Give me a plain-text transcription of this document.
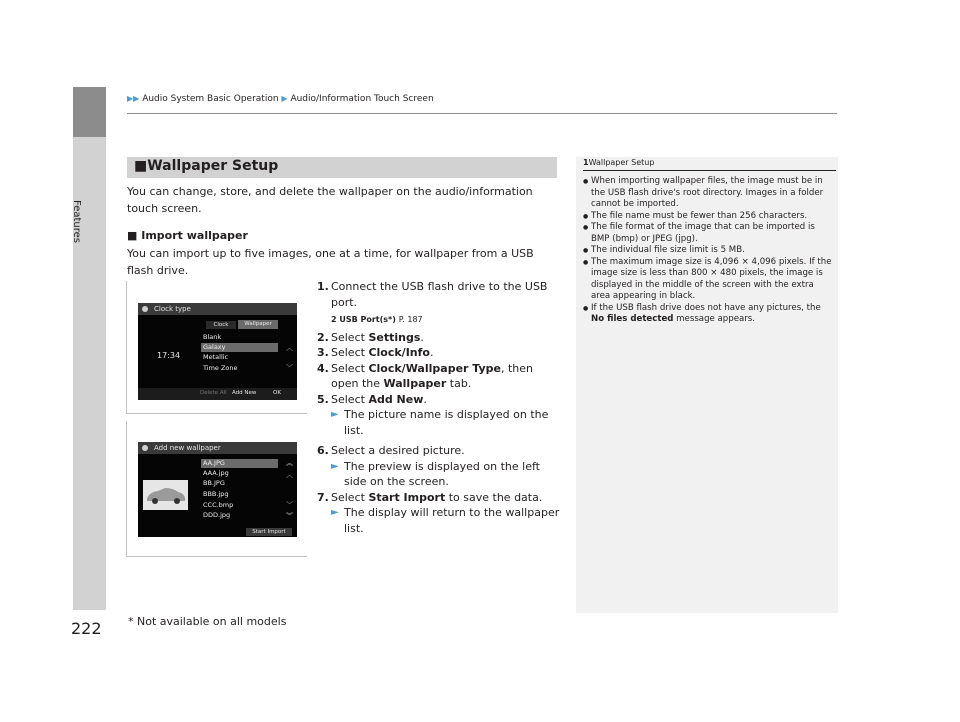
▶▶ Audio System Basic Operation ▶ Audio/Information Touch Screen
Features
■Wallpaper Setup
You can change, store, and delete the wallpaper on the audio/information touch screen.
■ Import wallpaper
You can import up to five images, one at a time, for wallpaper from a USB flash drive.
Clock type
Clock	Wallpaper
17:34
Delete All Add New	OK
Blank
Galaxy
Metallic
Time Zone
︿
﹀
Add new wallpaper
Start Import
AA.JPG
AAA.jpg
BB.JPG
BBB.jpg
CCC.bmp
DDD.jpg
︽
︿
﹀
︾
1. Connect the USB flash drive to the USB port.
2 USB Port(s*) P. 187
2. Select Settings.
3. Select Clock/Info.
4. Select Clock/Wallpaper Type, then open the Wallpaper tab.
5. Select Add New.
► The picture name is displayed on the list.
6. Select a desired picture.
► The preview is displayed on the left side on the screen.
7. Select Start Import to save the data.
► The display will return to the wallpaper list.
1Wallpaper Setup
● When importing wallpaper files, the image must be in the USB flash drive's root directory. Images in a folder cannot be imported.
● The file name must be fewer than 256 characters.
● The file format of the image that can be imported is BMP (bmp) or JPEG (jpg).
● The individual file size limit is 5 MB.
● The maximum image size is 4,096 × 4,096 pixels. If the image size is less than 800 × 480 pixels, the image is displayed in the middle of the screen with the extra area appearing in black.
● If the USB flash drive does not have any pictures, the No files detected message appears.
222 * Not available on all models
